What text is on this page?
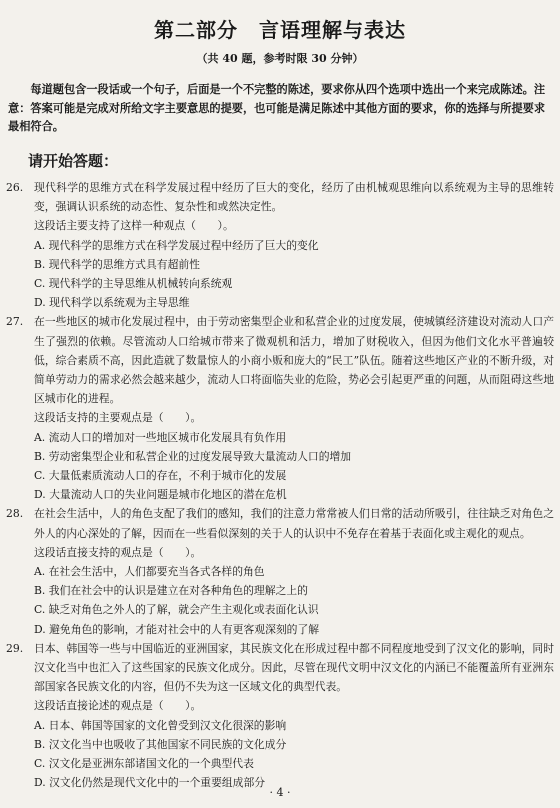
第二部分　言语理解与表达
（共 40 题，参考时限 30 分钟）

每道题包含一段话或一个句子，后面是一个不完整的陈述，要求你从四个选项中选出一个来完成陈述。注意：答案可能是完成对所给文字主要意思的提要，也可能是满足陈述中其他方面的要求，你的选择与所提要求最相符合。

请开始答题：
26.	现代科学的思维方式在科学发展过程中经历了巨大的变化，经历了由机械观思维向以系统观为主导的思维转变，强调认识系统的动态性、复杂性和或然决定性。
这段话主要支持了这样一种观点（　　）。
A. 现代科学的思维方式在科学发展过程中经历了巨大的变化
B. 现代科学的思维方式具有超前性
C. 现代科学的主导思维从机械转向系统观
D. 现代科学以系统观为主导思维
27.	在一些地区的城市化发展过程中，由于劳动密集型企业和私营企业的过度发展，使城镇经济建设对流动人口产生了强烈的依赖。尽管流动人口给城市带来了微观机和活力，增加了财税收入，但因为他们文化水平普遍较低，综合素质不高，因此造就了数量惊人的小商小贩和庞大的“民工”队伍。随着这些地区产业的不断升级，对简单劳动力的需求必然会越来越少，流动人口将面临失业的危险，势必会引起更严重的问题，从而阻碍这些地区城市化的进程。
这段话支持的主要观点是（　　）。
A. 流动人口的增加对一些地区城市化发展具有负作用
B. 劳动密集型企业和私营企业的过度发展导致大量流动人口的增加
C. 大量低素质流动人口的存在，不利于城市化的发展
D. 大量流动人口的失业问题是城市化地区的潜在危机
28.	在社会生活中，人的角色支配了我们的感知，我们的注意力常常被人们日常的活动所吸引，往往缺乏对角色之外人的内心深处的了解，因而在一些看似深刻的关于人的认识中不免存在着基于表面化或主观化的观点。
这段话直接支持的观点是（　　）。
A. 在社会生活中，人们都要充当各式各样的角色
B. 我们在社会中的认识是建立在对各种角色的理解之上的
C. 缺乏对角色之外人的了解，就会产生主观化或表面化认识
D. 避免角色的影响，才能对社会中的人有更客观深刻的了解
29.	日本、韩国等一些与中国临近的亚洲国家，其民族文化在形成过程中都不同程度地受到了汉文化的影响，同时汉文化当中也汇入了这些国家的民族文化成分。因此，尽管在现代文明中汉文化的内涵已不能覆盖所有亚洲东部国家各民族文化的内容，但仍不失为这一区域文化的典型代表。
这段话直接论述的观点是（　　）。
A. 日本、韩国等国家的文化曾受到汉文化很深的影响
B. 汉文化当中也吸收了其他国家不同民族的文化成分
C. 汉文化是亚洲东部诸国文化的一个典型代表
D. 汉文化仍然是现代文化中的一个重要组成部分
· 4 ·
